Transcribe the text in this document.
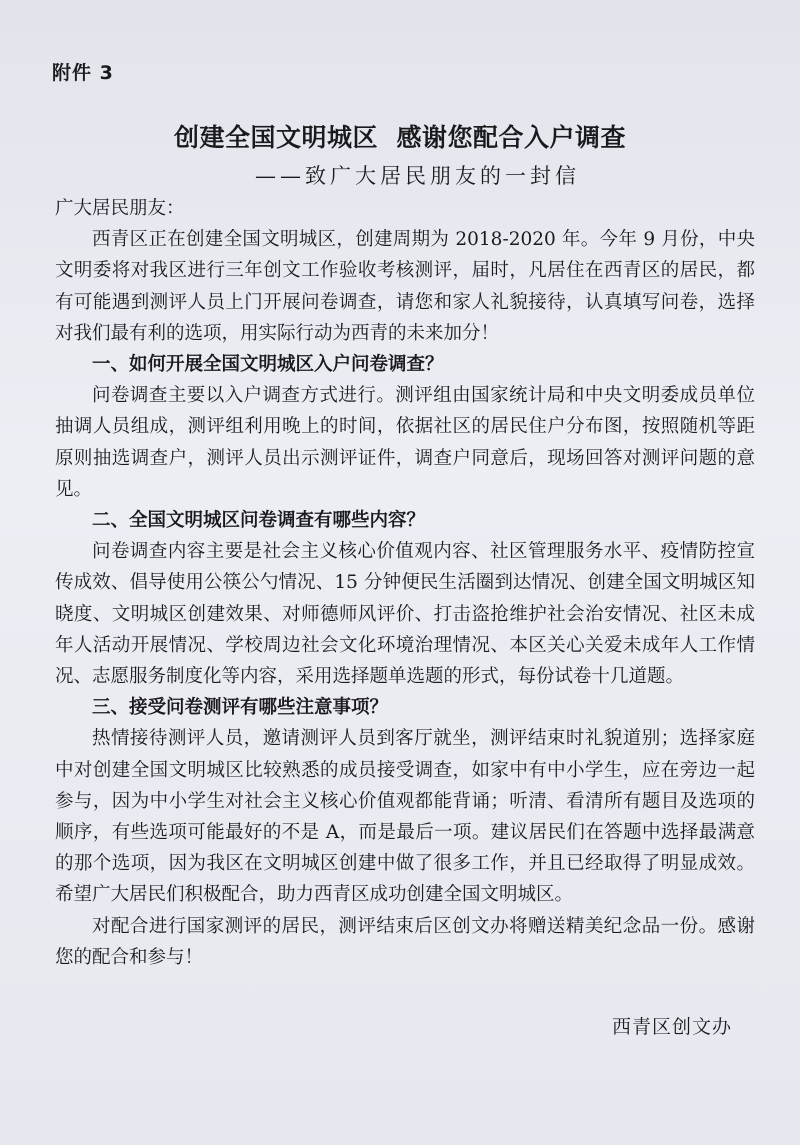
附件 3
创建全国文明城区  感谢您配合入户调查
——致广大居民朋友的一封信

广大居民朋友：

西青区正在创建全国文明城区，创建周期为 2018-2020 年。今年 9 月份，中央文明委将对我区进行三年创文工作验收考核测评，届时，凡居住在西青区的居民，都有可能遇到测评人员上门开展问卷调查，请您和家人礼貌接待，认真填写问卷，选择对我们最有利的选项，用实际行动为西青的未来加分！

一、如何开展全国文明城区入户问卷调查？

问卷调查主要以入户调查方式进行。测评组由国家统计局和中央文明委成员单位抽调人员组成，测评组利用晚上的时间，依据社区的居民住户分布图，按照随机等距原则抽选调查户，测评人员出示测评证件，调查户同意后，现场回答对测评问题的意见。

二、全国文明城区问卷调查有哪些内容？

问卷调查内容主要是社会主义核心价值观内容、社区管理服务水平、疫情防控宣传成效、倡导使用公筷公勺情况、15 分钟便民生活圈到达情况、创建全国文明城区知晓度、文明城区创建效果、对师德师风评价、打击盗抢维护社会治安情况、社区未成年人活动开展情况、学校周边社会文化环境治理情况、本区关心关爱未成年人工作情况、志愿服务制度化等内容，采用选择题单选题的形式，每份试卷十几道题。

三、接受问卷测评有哪些注意事项？

热情接待测评人员，邀请测评人员到客厅就坐，测评结束时礼貌道别；选择家庭中对创建全国文明城区比较熟悉的成员接受调查，如家中有中小学生，应在旁边一起参与，因为中小学生对社会主义核心价值观都能背诵；听清、看清所有题目及选项的顺序，有些选项可能最好的不是 A，而是最后一项。建议居民们在答题中选择最满意的那个选项，因为我区在文明城区创建中做了很多工作，并且已经取得了明显成效。希望广大居民们积极配合，助力西青区成功创建全国文明城区。

对配合进行国家测评的居民，测评结束后区创文办将赠送精美纪念品一份。感谢您的配合和参与！

西青区创文办
